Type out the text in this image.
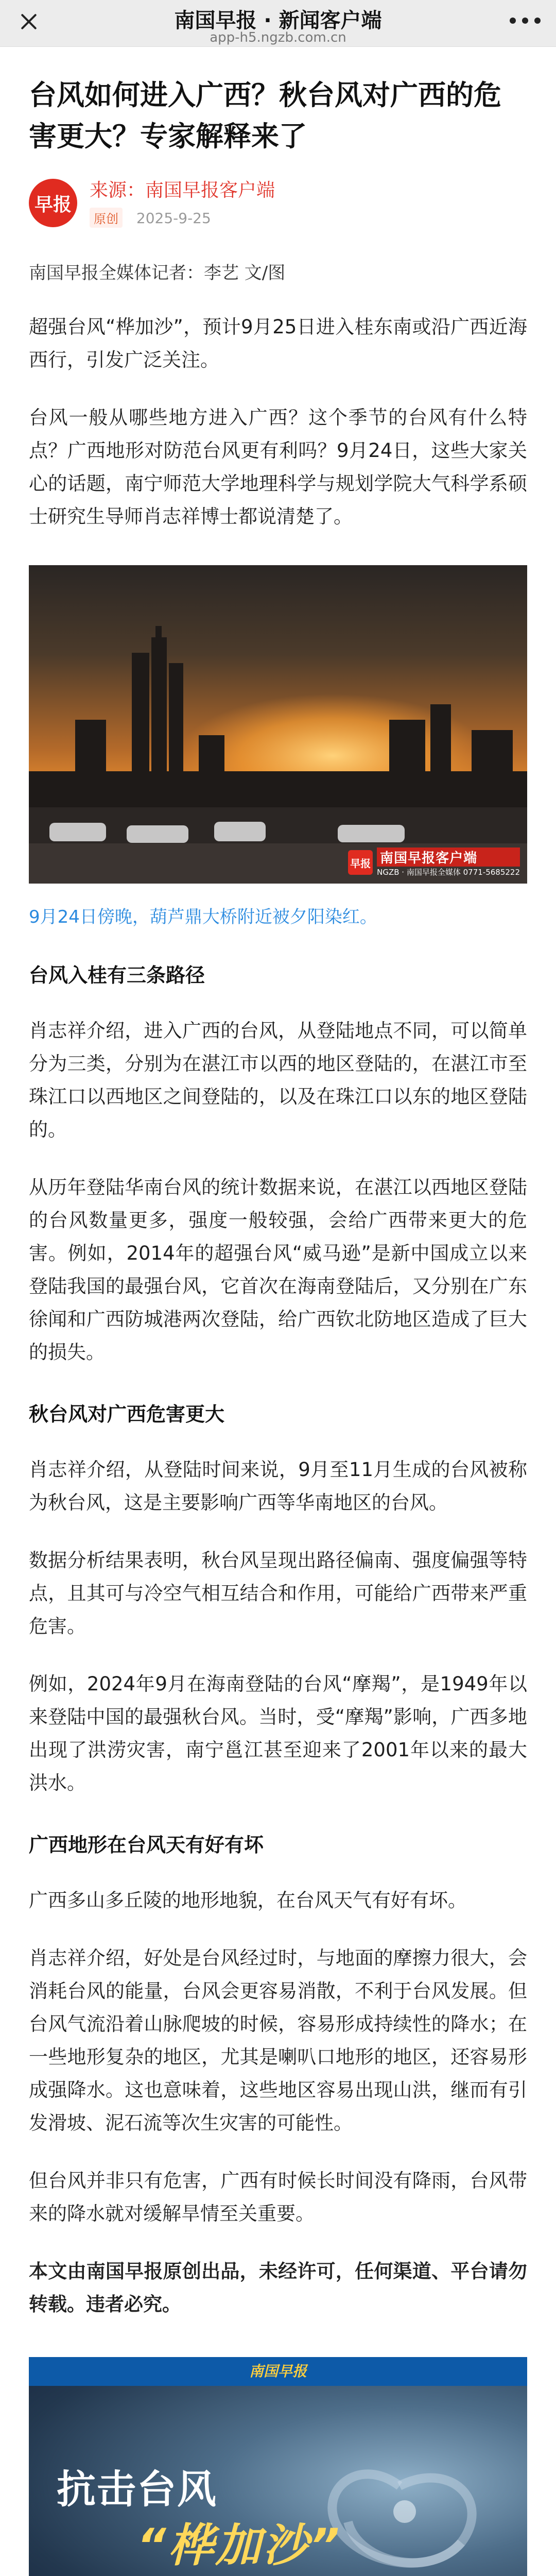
南国早报 · 新闻客户端
app-h5.ngzb.com.cn
台风如何进入广西？秋台风对广西的危害更大？专家解释来了
早报
来源：南国早报客户端
原创 2025-9-25
南国早报全媒体记者：李艺 文/图

超强台风“桦加沙”，预计9月25日进入桂东南或沿广西近海西行，引发广泛关注。

台风一般从哪些地方进入广西？这个季节的台风有什么特点？广西地形对防范台风更有利吗？9月24日，这些大家关心的话题，南宁师范大学地理科学与规划学院大气科学系硕士研究生导师肖志祥博士都说清楚了。

早报 南国早报客户端
NGZB · 南国早报全媒体 0771-5685222
9月24日傍晚，葫芦鼎大桥附近被夕阳染红。
台风入桂有三条路径

肖志祥介绍，进入广西的台风，从登陆地点不同，可以简单分为三类，分别为在湛江市以西的地区登陆的，在湛江市至珠江口以西地区之间登陆的，以及在珠江口以东的地区登陆的。

从历年登陆华南台风的统计数据来说，在湛江以西地区登陆的台风数量更多，强度一般较强，会给广西带来更大的危害。例如，2014年的超强台风“威马逊”是新中国成立以来登陆我国的最强台风，它首次在海南登陆后，又分别在广东徐闻和广西防城港两次登陆，给广西钦北防地区造成了巨大的损失。

秋台风对广西危害更大

肖志祥介绍，从登陆时间来说，9月至11月生成的台风被称为秋台风，这是主要影响广西等华南地区的台风。

数据分析结果表明，秋台风呈现出路径偏南、强度偏强等特点，且其可与冷空气相互结合和作用，可能给广西带来严重危害。

例如，2024年9月在海南登陆的台风“摩羯”，是1949年以来登陆中国的最强秋台风。当时，受“摩羯”影响，广西多地出现了洪涝灾害，南宁邕江甚至迎来了2001年以来的最大洪水。

广西地形在台风天有好有坏

广西多山多丘陵的地形地貌，在台风天气有好有坏。

肖志祥介绍，好处是台风经过时，与地面的摩擦力很大，会消耗台风的能量，台风会更容易消散，不利于台风发展。但台风气流沿着山脉爬坡的时候，容易形成持续性的降水；在一些地形复杂的地区，尤其是喇叭口地形的地区，还容易形成强降水。这也意味着，这些地区容易出现山洪，继而有引发滑坡、泥石流等次生灾害的可能性。

但台风并非只有危害，广西有时候长时间没有降雨，台风带来的降水就对缓解旱情至关重要。

本文由南国早报原创出品，未经许可，任何渠道、平台请勿转载。违者必究。

南国早报
抗击台风
“桦加沙”
